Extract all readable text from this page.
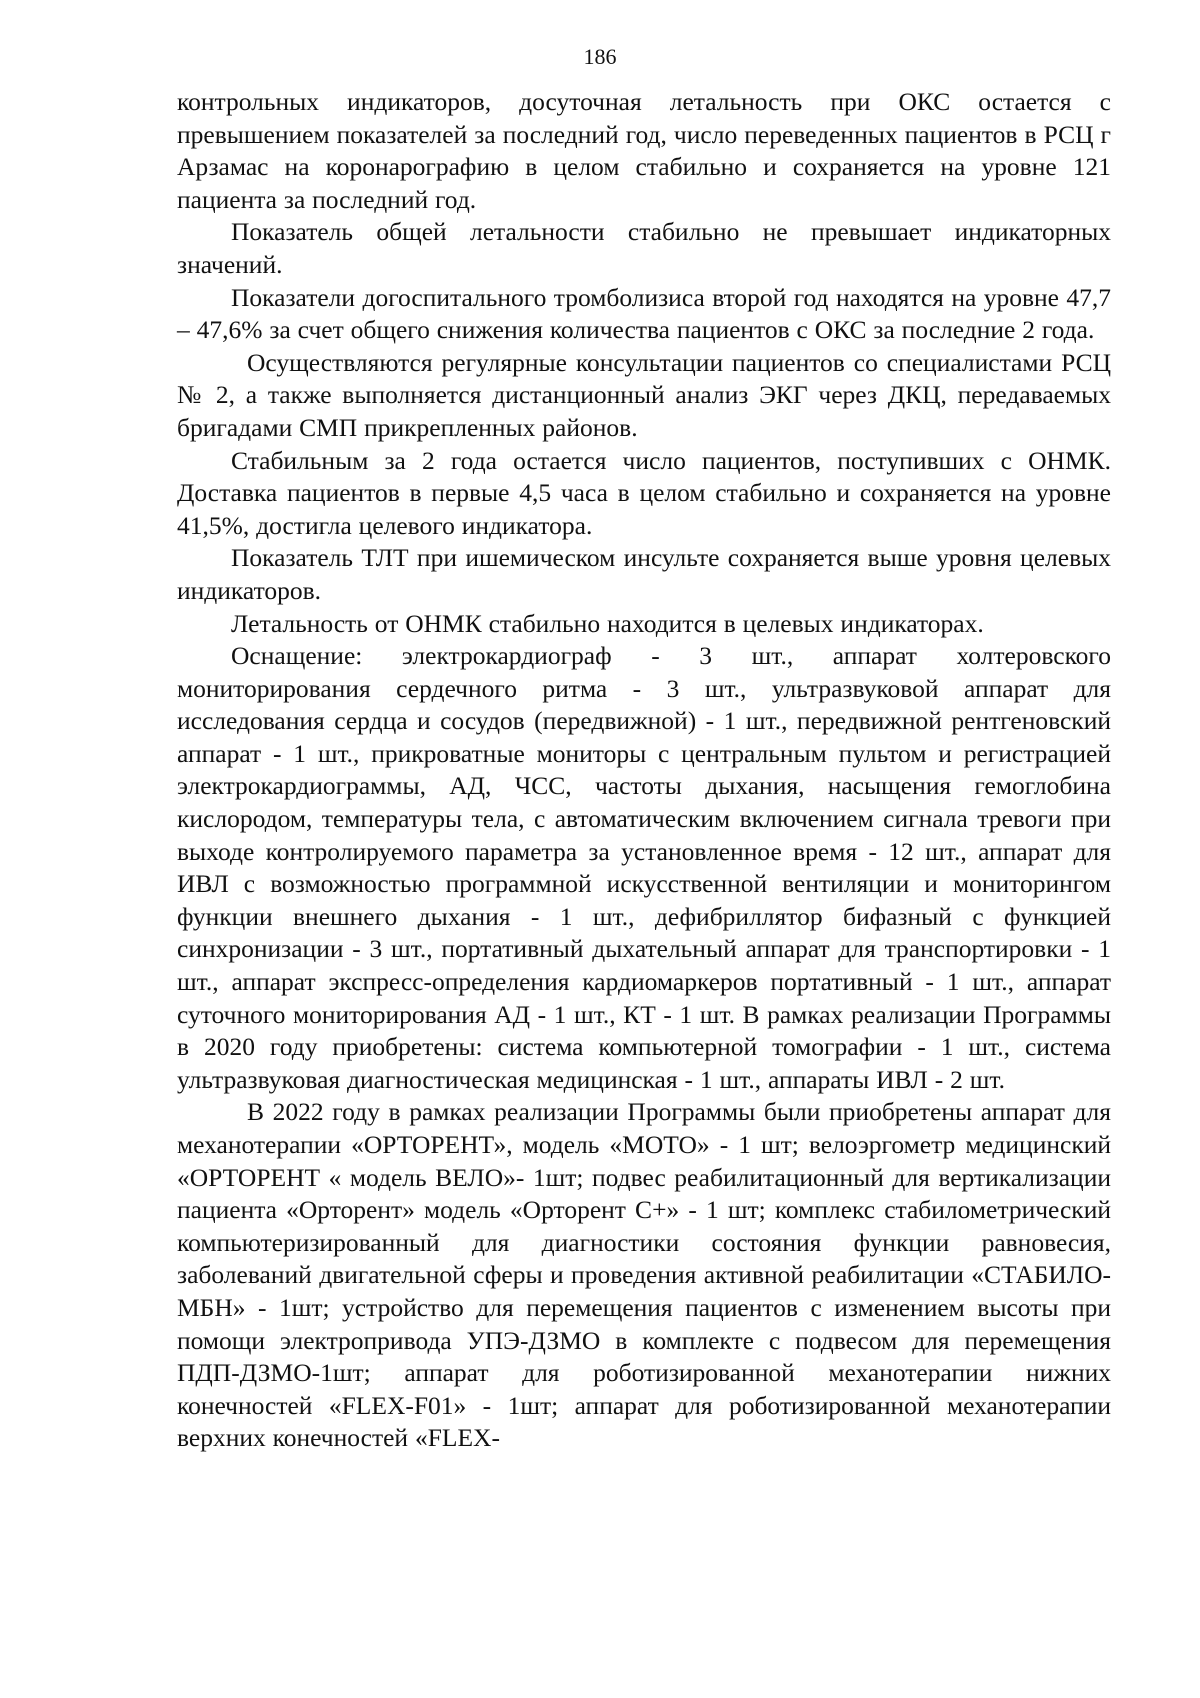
186

контрольных индикаторов, досуточная летальность при ОКС остается с превышением показателей за последний год, число переведенных пациентов в РСЦ г Арзамас на коронарографию в целом стабильно и сохраняется на уровне 121 пациента за последний год.

Показатель общей летальности стабильно не превышает индикаторных значений.

Показатели догоспитального тромболизиса второй год находятся на уровне 47,7 – 47,6% за счет общего снижения количества пациентов с ОКС за последние 2 года.

Осуществляются регулярные консультации пациентов со специалистами РСЦ № 2, а также выполняется дистанционный анализ ЭКГ через ДКЦ, передаваемых бригадами СМП прикрепленных районов.

Стабильным за 2 года остается число пациентов, поступивших с ОНМК. Доставка пациентов в первые 4,5 часа в целом стабильно и сохраняется на уровне 41,5%, достигла целевого индикатора.

Показатель ТЛТ при ишемическом инсульте сохраняется выше уровня целевых индикаторов.

Летальность от ОНМК стабильно находится в целевых индикаторах.

Оснащение: электрокардиограф - 3 шт., аппарат холтеровского мониторирования сердечного ритма - 3 шт., ультразвуковой аппарат для исследования сердца и сосудов (передвижной) - 1 шт., передвижной рентгеновский аппарат - 1 шт., прикроватные мониторы с центральным пультом и регистрацией электрокардиограммы, АД, ЧСС, частоты дыхания, насыщения гемоглобина кислородом, температуры тела, с автоматическим включением сигнала тревоги при выходе контролируемого параметра за установленное время - 12 шт., аппарат для ИВЛ с возможностью программной искусственной вентиляции и мониторингом функции внешнего дыхания - 1 шт., дефибриллятор бифазный с функцией синхронизации - 3 шт., портативный дыхательный аппарат для транспортировки - 1 шт., аппарат экспресс-определения кардиомаркеров портативный - 1 шт., аппарат суточного мониторирования АД - 1 шт., КТ - 1 шт. В рамках реализации Программы в 2020 году приобретены: система компьютерной томографии - 1 шт., система ультразвуковая диагностическая медицинская - 1 шт., аппараты ИВЛ - 2 шт.

В 2022 году в рамках реализации Программы были приобретены аппарат для механотерапии «ОРТОРЕНТ», модель «МОТО» - 1 шт; велоэргометр медицинский «ОРТОРЕНТ « модель ВЕЛО»- 1шт; подвес реабилитационный для вертикализации пациента «Орторент» модель «Орторент С+» - 1 шт; комплекс стабилометрический компьютеризированный для диагностики состояния функции равновесия, заболеваний двигательной сферы и проведения активной реабилитации «СТАБИЛО-МБН» - 1шт; устройство для перемещения пациентов с изменением высоты при помощи электропривода УПЭ-ДЗМО в комплекте с подвесом для перемещения ПДП-ДЗМО-1шт; аппарат для роботизированной механотерапии нижних конечностей «FLEX-F01» - 1шт; аппарат для роботизированной механотерапии верхних конечностей «FLEX-
